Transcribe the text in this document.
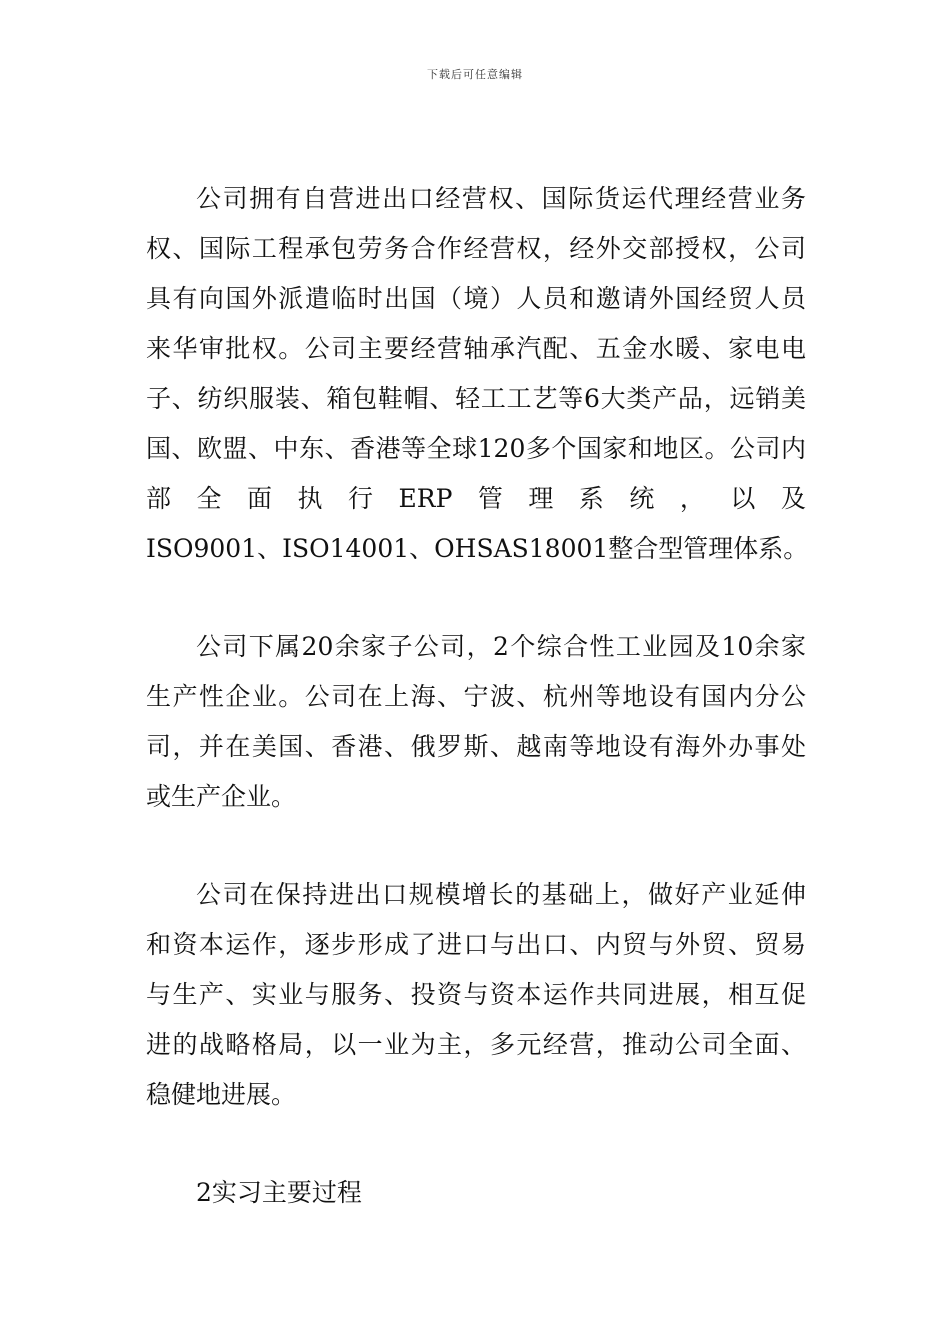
下载后可任意编辑
公司拥有自营进出口经营权、国际货运代理经营业务
权、国际工程承包劳务合作经营权，经外交部授权，公司
具有向国外派遣临时出国（境）人员和邀请外国经贸人员
来华审批权。公司主要经营轴承汽配、五金水暖、家电电
子、纺织服装、箱包鞋帽、轻工工艺等6大类产品，远销美
国、欧盟、中东、香港等全球120多个国家和地区。公司内
部 全 面 执 行 ERP 管 理 系 统 ， 以 及
ISO9001、ISO14001、OHSAS18001整合型管理体系。
公司下属20余家子公司，2个综合性工业园及10余家
生产性企业。公司在上海、宁波、杭州等地设有国内分公
司，并在美国、香港、俄罗斯、越南等地设有海外办事处
或生产企业。
公司在保持进出口规模增长的基础上，做好产业延伸
和资本运作，逐步形成了进口与出口、内贸与外贸、贸易
与生产、实业与服务、投资与资本运作共同进展，相互促
进的战略格局，以一业为主，多元经营，推动公司全面、
稳健地进展。
2实习主要过程
